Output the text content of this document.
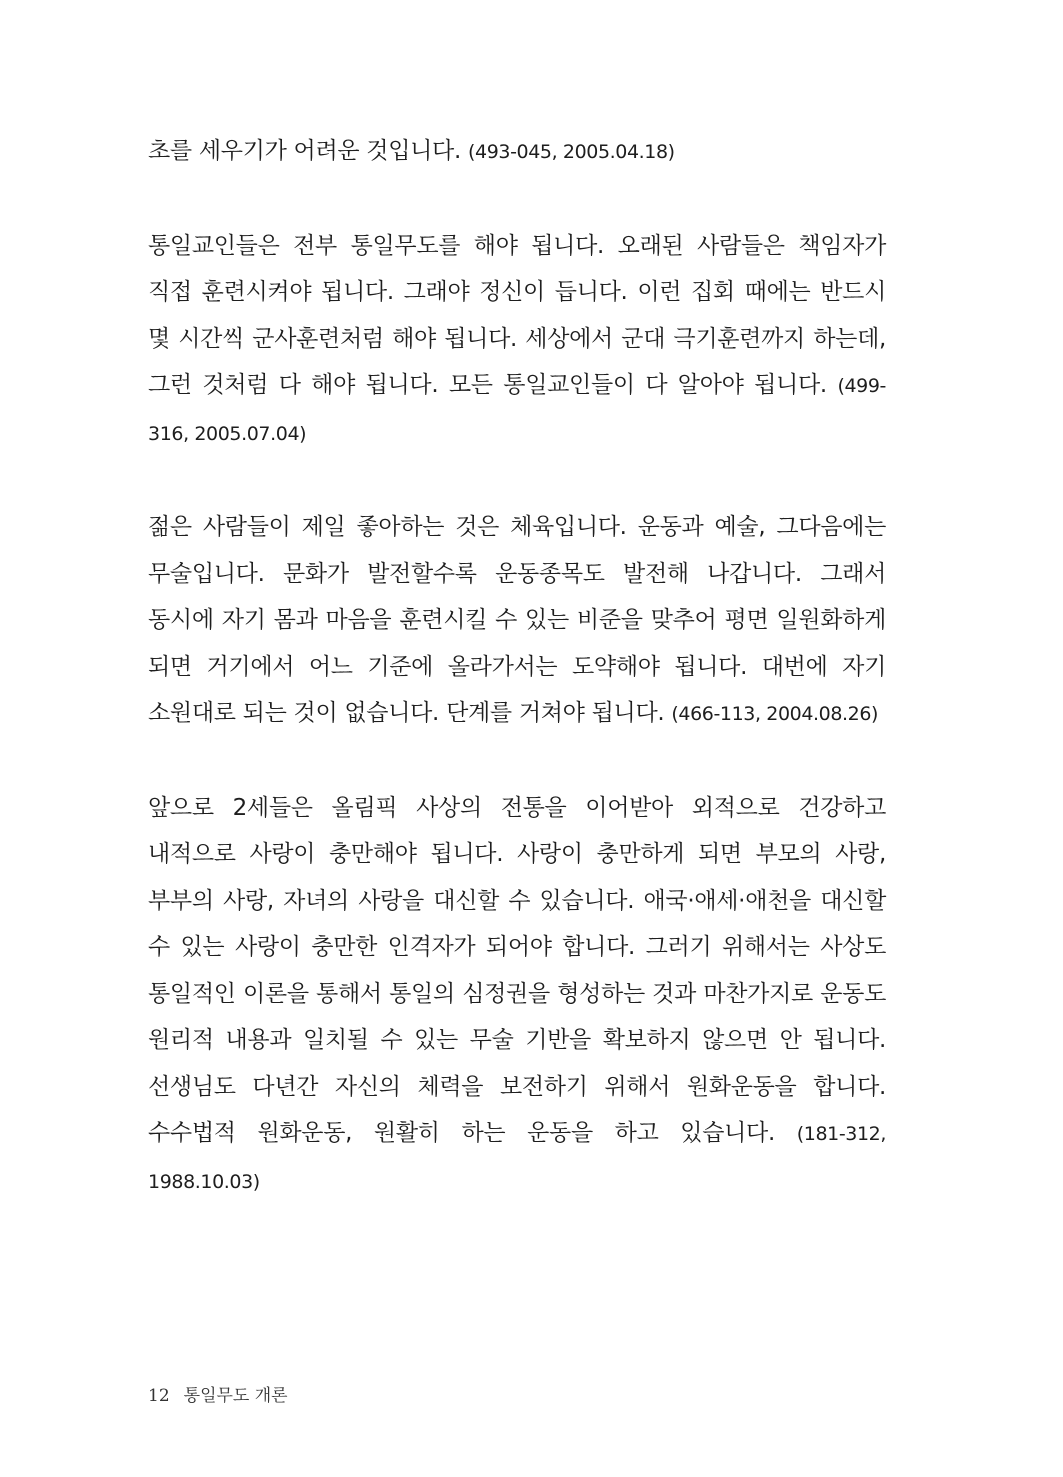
초를 세우기가 어려운 것입니다. (493-045, 2005.04.18)

통일교인들은 전부 통일무도를 해야 됩니다. 오래된 사람들은 책임자가 직접 훈련시켜야 됩니다. 그래야 정신이 듭니다. 이런 집회 때에는 반드시 몇 시간씩 군사훈련처럼 해야 됩니다. 세상에서 군대 극기훈련까지 하는데, 그런 것처럼 다 해야 됩니다. 모든 통일교인들이 다 알아야 됩니다. (499-316, 2005.07.04)

젊은 사람들이 제일 좋아하는 것은 체육입니다. 운동과 예술, 그다음에는 무술입니다. 문화가 발전할수록 운동종목도 발전해 나갑니다. 그래서 동시에 자기 몸과 마음을 훈련시킬 수 있는 비준을 맞추어 평면 일원화하게 되면 거기에서 어느 기준에 올라가서는 도약해야 됩니다. 대번에 자기 소원대로 되는 것이 없습니다. 단계를 거쳐야 됩니다. (466-113, 2004.08.26)

앞으로 2세들은 올림픽 사상의 전통을 이어받아 외적으로 건강하고 내적으로 사랑이 충만해야 됩니다. 사랑이 충만하게 되면 부모의 사랑, 부부의 사랑, 자녀의 사랑을 대신할 수 있습니다. 애국·애세·애천을 대신할 수 있는 사랑이 충만한 인격자가 되어야 합니다. 그러기 위해서는 사상도 통일적인 이론을 통해서 통일의 심정권을 형성하는 것과 마찬가지로 운동도 원리적 내용과 일치될 수 있는 무술 기반을 확보하지 않으면 안 됩니다. 선생님도 다년간 자신의 체력을 보전하기 위해서 원화운동을 합니다. 수수법적 원화운동, 원활히 하는 운동을 하고 있습니다. (181-312, 1988.10.03)

12 통일무도 개론
